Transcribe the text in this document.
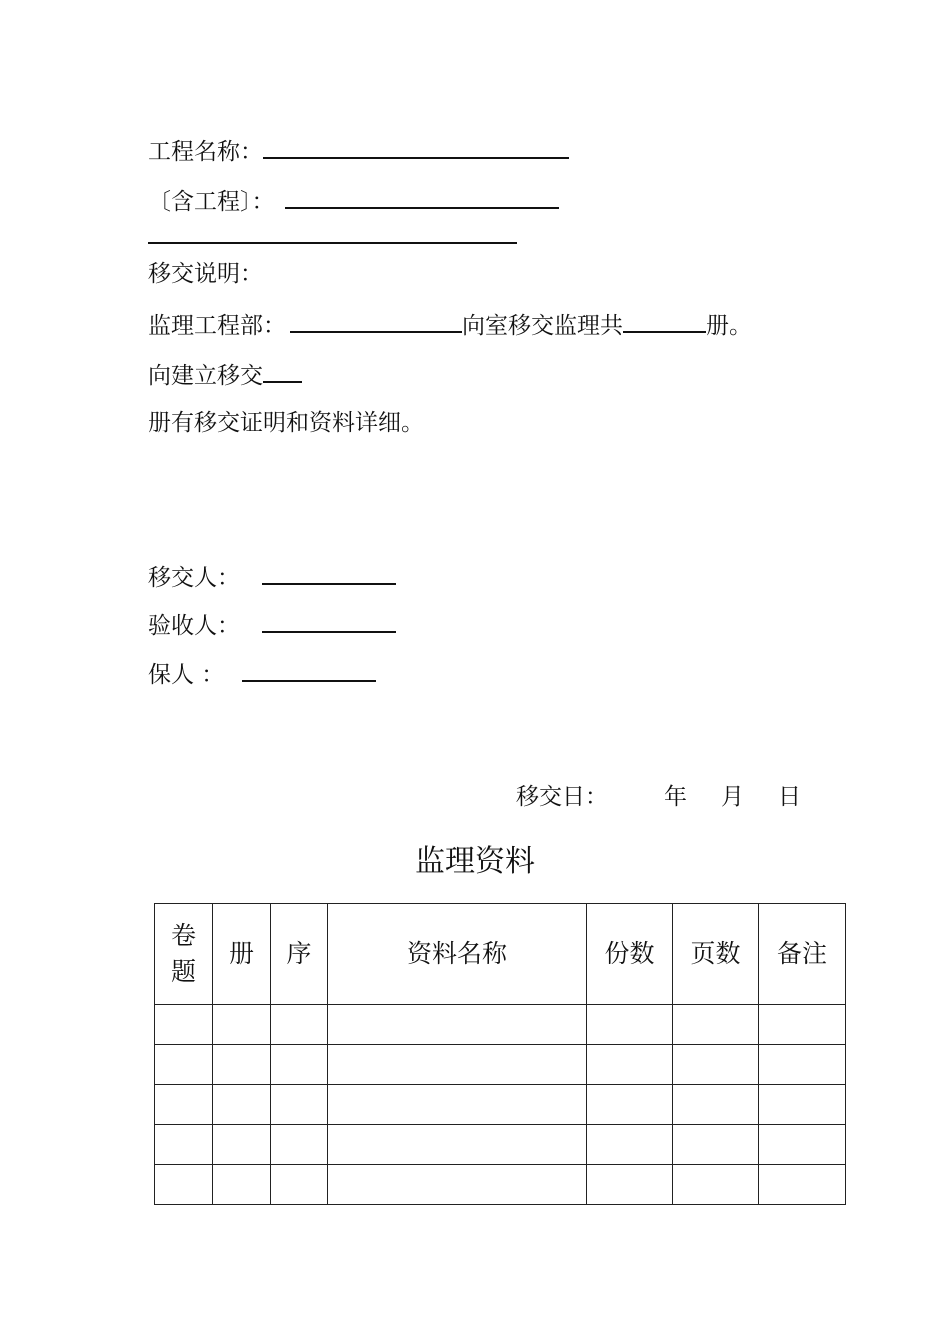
工程名称：
〔含工程〕：
移交说明：
监理工程部：	向室移交监理共	册。
向建立移交
册有移交证明和资料详细。
移交人：
验收人：
保人 ：
移交日： 年 月 日
监理资料
卷
题	册	序	资料名称	份数	页数	备注
